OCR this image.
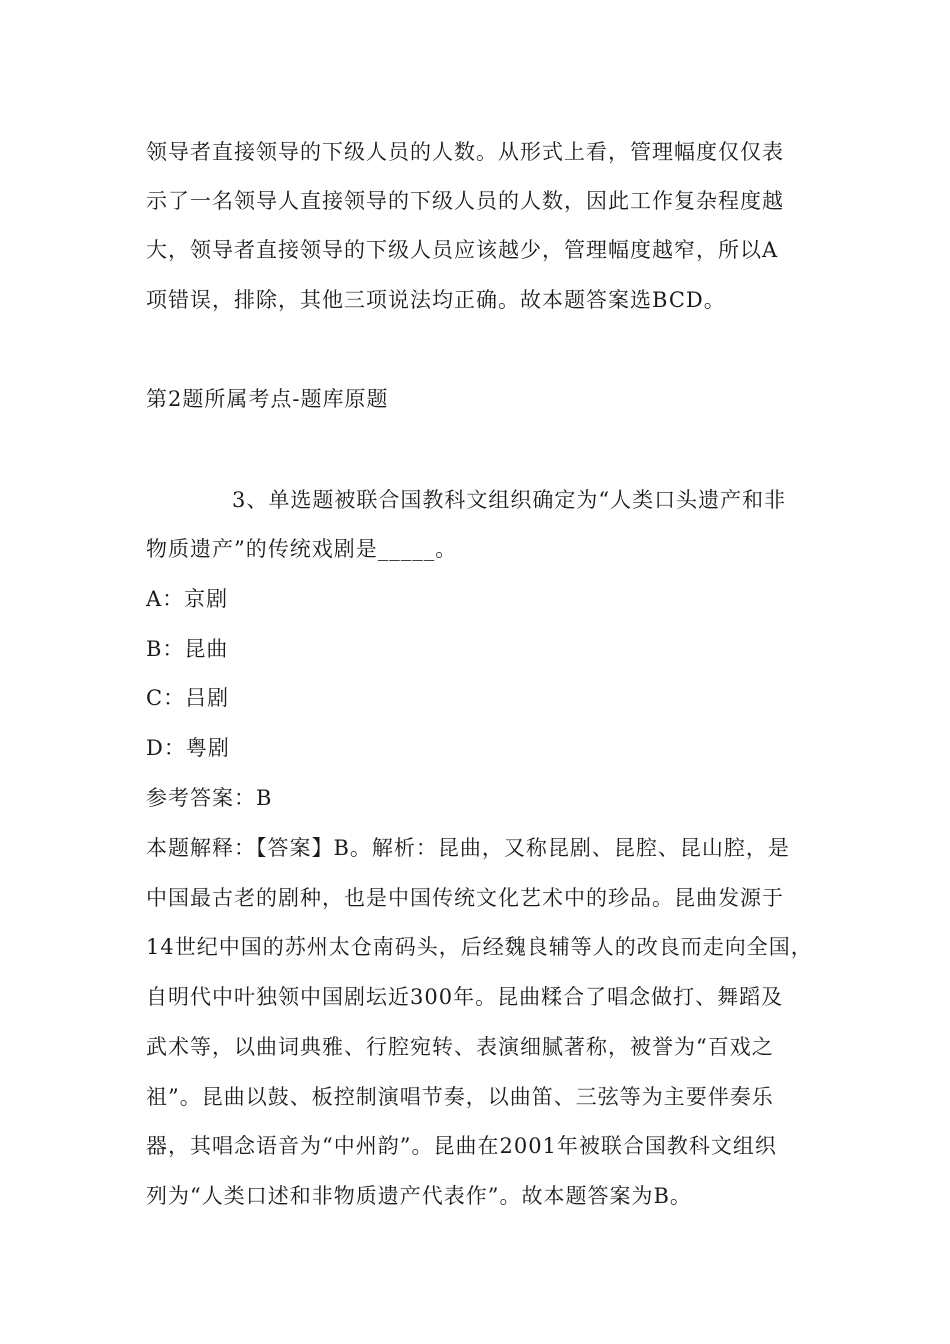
领导者直接领导的下级人员的人数。从形式上看，管理幅度仅仅表
示了一名领导人直接领导的下级人员的人数，因此工作复杂程度越
大，领导者直接领导的下级人员应该越少，管理幅度越窄，所以A
项错误，排除，其他三项说法均正确。故本题答案选BCD。
第2题所属考点-题库原题
3、单选题被联合国教科文组织确定为“人类口头遗产和非
物质遗产”的传统戏剧是_____。
A：京剧
B：昆曲
C：吕剧
D：粤剧
参考答案：B
本题解释：【答案】B。解析：昆曲，又称昆剧、昆腔、昆山腔，是
中国最古老的剧种，也是中国传统文化艺术中的珍品。昆曲发源于
14世纪中国的苏州太仓南码头，后经魏良辅等人的改良而走向全国，
自明代中叶独领中国剧坛近300年。昆曲糅合了唱念做打、舞蹈及
武术等，以曲词典雅、行腔宛转、表演细腻著称，被誉为“百戏之
祖”。昆曲以鼓、板控制演唱节奏，以曲笛、三弦等为主要伴奏乐
器，其唱念语音为“中州韵”。昆曲在2001年被联合国教科文组织
列为“人类口述和非物质遗产代表作”。故本题答案为B。
